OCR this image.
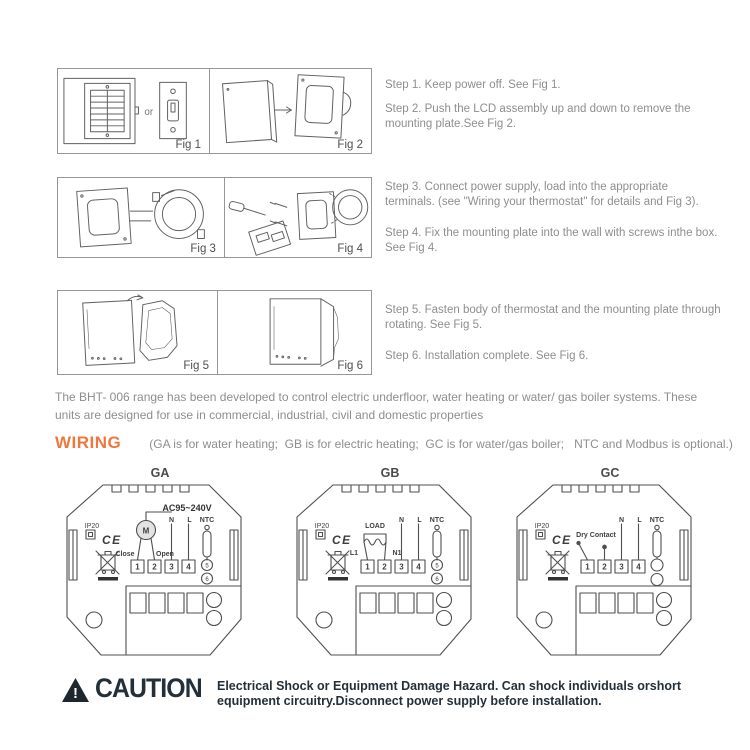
or
Fig 1	Fig 2
Fig 3	Fig 4
Fig 5	Fig 6

Step 1. Keep power off. See Fig 1.

Step 2. Push the LCD assembly up and down to remove the mounting plate.See Fig 2.

Step 3. Connect power supply, load into the appropriate terminals. (see "Wiring your thermostat" for details and Fig 3).

Step 4. Fix the mounting plate into the wall with screws inthe box. See Fig 4.

Step 5. Fasten body of thermostat and the mounting plate through rotating. See Fig 5.

Step 6. Installation complete. See Fig 6.

The BHT- 006 range has been developed to control electric underfloor, water heating or water/ gas boiler systems. These units are designed for use in commercial, industrial, civil and domestic properties

WIRING (GA is for water heating;  GB is for electric heating;  GC is for water/gas boiler;   NTC and Modbus is optional.)
GA
IP20
CE
AC95~240V
N L
M
Close	Open
1 2 3 4
NTC
5
6
GB
IP20
CE
LOAD
L1	N1
N L
1 2 3 4
NTC
5
6
GC
IP20
CE Dry Contact
N L
1 2 3 4
NTC
! CAUTION Electrical Shock or Equipment Damage Hazard. Can shock individuals orshort
equipment circuitry.Disconnect power supply before installation.
